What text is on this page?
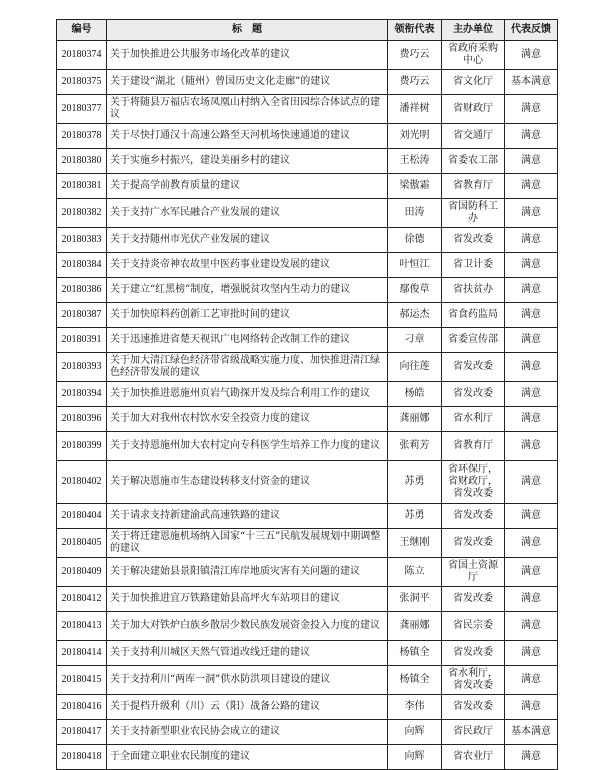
编号	标　题	领衔代表	主办单位	代表反馈
20180374	关于加快推进公共服务市场化改革的建议	费巧云	省政府采购中心	满意
20180375	关于建设“湖北（随州）曾国历史文化走廊”的建议	费巧云	省文化厅	基本满意
20180377	关于将随县万福店农场凤凰山村纳入全省田园综合体试点的建议	潘祥树	省财政厅	满意
20180378	关于尽快打通汉十高速公路至天河机场快速通道的建议	刘光明	省交通厅	满意
20180380	关于实施乡村振兴，建设美丽乡村的建议	王松涛	省委农工部	满意
20180381	关于提高学前教育质量的建议	梁傲霜	省教育厅	满意
20180382	关于支持广水军民融合产业发展的建议	田涛	省国防科工办	满意
20180383	关于支持随州市光伏产业发展的建议	徐德	省发改委	满意
20180384	关于支持炎帝神农故里中医药事业建设发展的建议	叶恒江	省卫计委	满意
20180386	关于建立“红黑榜”制度，增强脱贫攻坚内生动力的建议	鄢俊草	省扶贫办	满意
20180387	关于加快原料药创新工艺审批时间的建议	郝运杰	省食药监局	满意
20180391	关于迅速推进省楚天视讯广电网络转企改制工作的建议	刁章	省委宣传部	满意
20180393	关于加大清江绿色经济带省级战略实施力度、加快推进清江绿色经济带发展的建议	向往莲	省发改委	满意
20180394	关于加快推进恩施州页岩气勘探开发及综合利用工作的建议	杨皓	省发改委	满意
20180396	关于加大对我州农村饮水安全投资力度的建议	龚丽娜	省水利厅	满意
20180399	关于支持恩施州加大农村定向专科医学生培养工作力度的建议	张莉芳	省教育厅	满意
20180402	关于解决恩施市生态建设转移支付资金的建议	苏勇	省环保厅，省财政厅，省发改委	满意
20180404	关于请求支持新建渝武高速铁路的建议	苏勇	省发改委	满意
20180405	关于将迁建恩施机场纳入国家“十三五”民航发展规划中期调整的建议	王继刚	省发改委	满意
20180409	关于解决建始县景阳镇清江库岸地质灾害有关问题的建议	陈立	省国土资源厅	满意
20180412	关于加快推进宜万铁路建始县高坪火车站项目的建议	张洞平	省发改委	满意
20180413	关于加大对铁炉白族乡散居少数民族发展资金投入力度的建议	龚丽娜	省民宗委	满意
20180414	关于支持利川城区天然气管道改线迁建的建议	杨镇全	省发改委	满意
20180415	关于支持利川“两库一洞”供水防洪项目建设的建议	杨镇全	省水利厅，省发改委	满意
20180416	关于提档升级利（川）云（阳）战备公路的建议	李伟	省发改委	满意
20180417	关于支持新型职业农民协会成立的建议	向辉	省民政厅	基本满意
20180418	于全面建立职业农民制度的建议	向辉	省农业厅	满意
